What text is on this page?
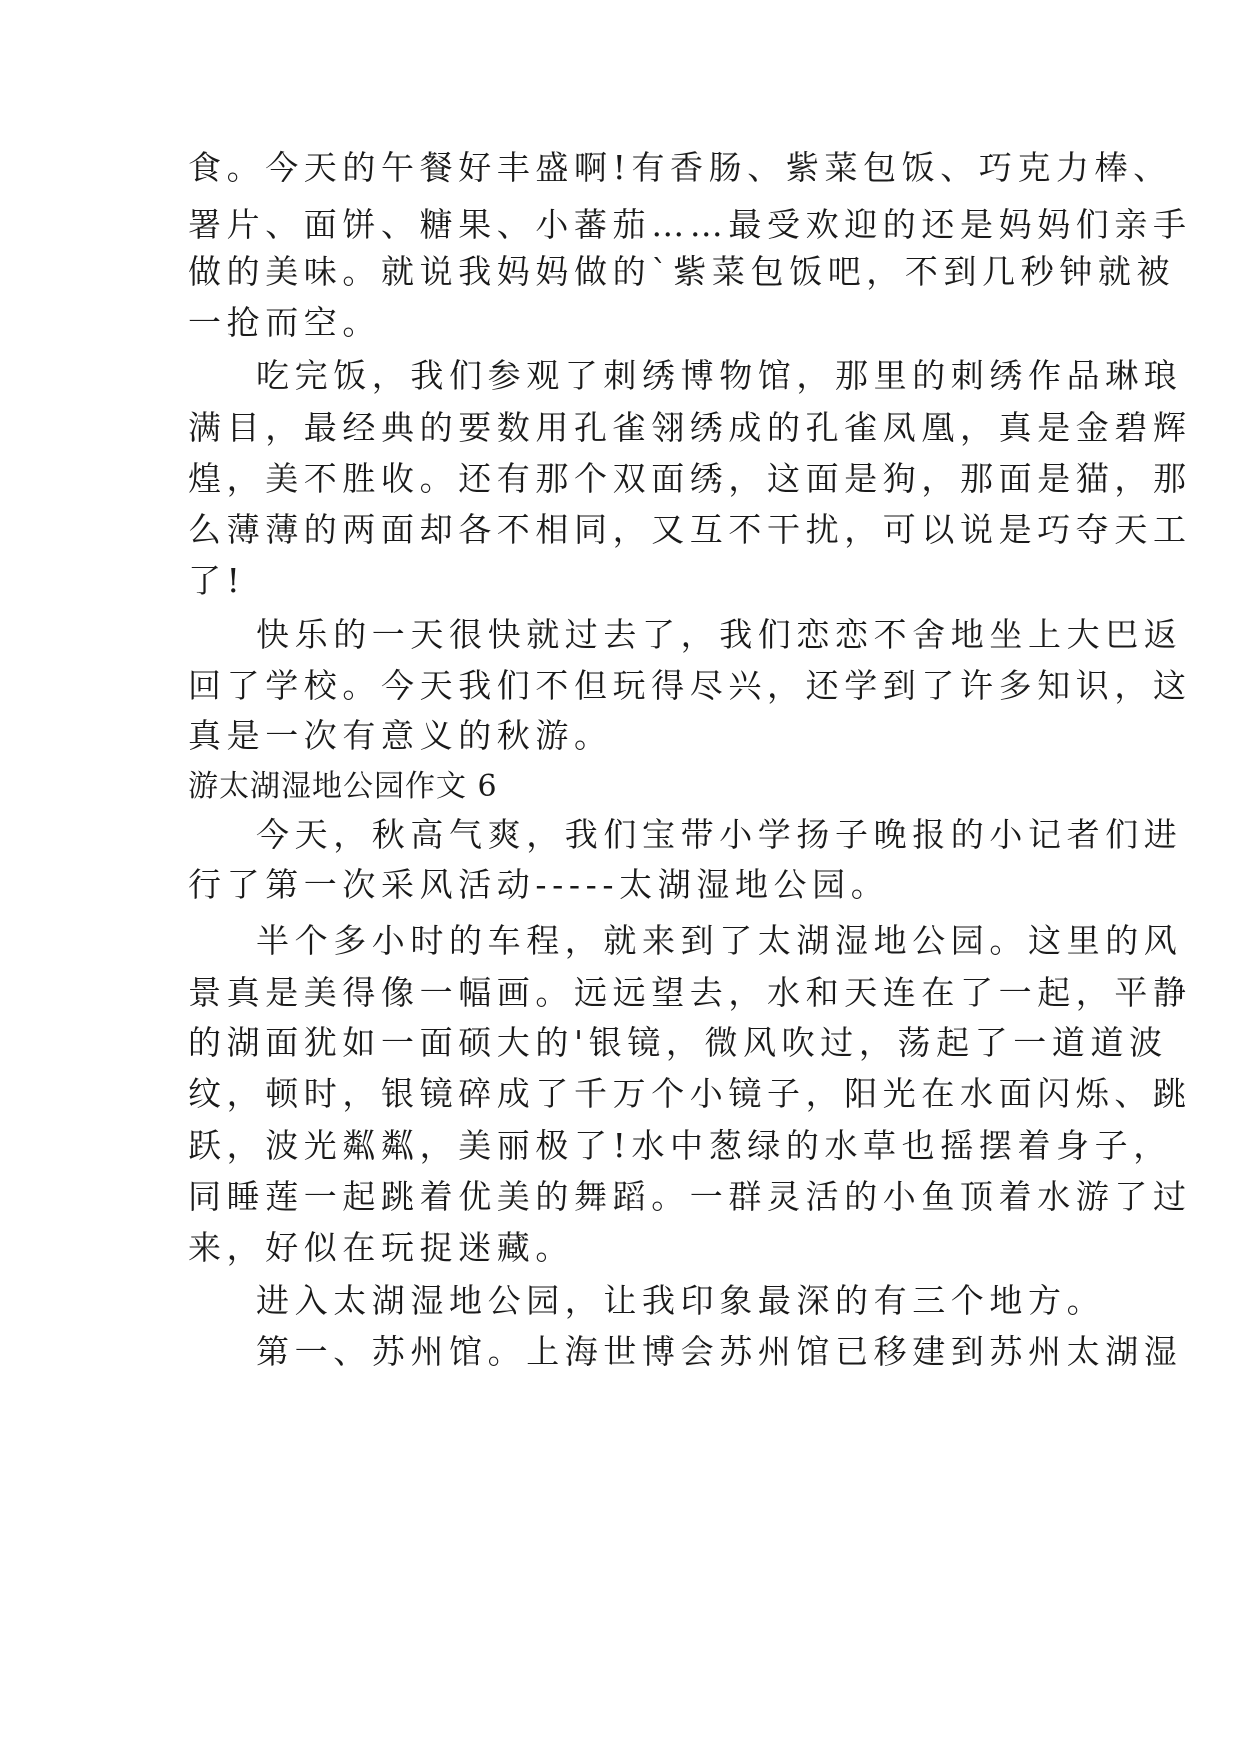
食。今天的午餐好丰盛啊!有香肠、紫菜包饭、巧克力棒、
署片、面饼、糖果、小蕃茄……最受欢迎的还是妈妈们亲手
做的美味。就说我妈妈做的`紫菜包饭吧，不到几秒钟就被
一抢而空。
吃完饭，我们参观了刺绣博物馆，那里的刺绣作品琳琅
满目，最经典的要数用孔雀翎绣成的孔雀凤凰，真是金碧辉
煌，美不胜收。还有那个双面绣，这面是狗，那面是猫，那
么薄薄的两面却各不相同，又互不干扰，可以说是巧夺天工
了!
快乐的一天很快就过去了，我们恋恋不舍地坐上大巴返
回了学校。今天我们不但玩得尽兴，还学到了许多知识，这
真是一次有意义的秋游。
游太湖湿地公园作文 6
今天，秋高气爽，我们宝带小学扬子晚报的小记者们进
行了第一次采风活动-----太湖湿地公园。
半个多小时的车程，就来到了太湖湿地公园。这里的风
景真是美得像一幅画。远远望去，水和天连在了一起，平静
的湖面犹如一面硕大的'银镜，微风吹过，荡起了一道道波
纹，顿时，银镜碎成了千万个小镜子，阳光在水面闪烁、跳
跃，波光粼粼，美丽极了!水中葱绿的水草也摇摆着身子，
同睡莲一起跳着优美的舞蹈。一群灵活的小鱼顶着水游了过
来，好似在玩捉迷藏。
进入太湖湿地公园，让我印象最深的有三个地方。
第一、苏州馆。上海世博会苏州馆已移建到苏州太湖湿
